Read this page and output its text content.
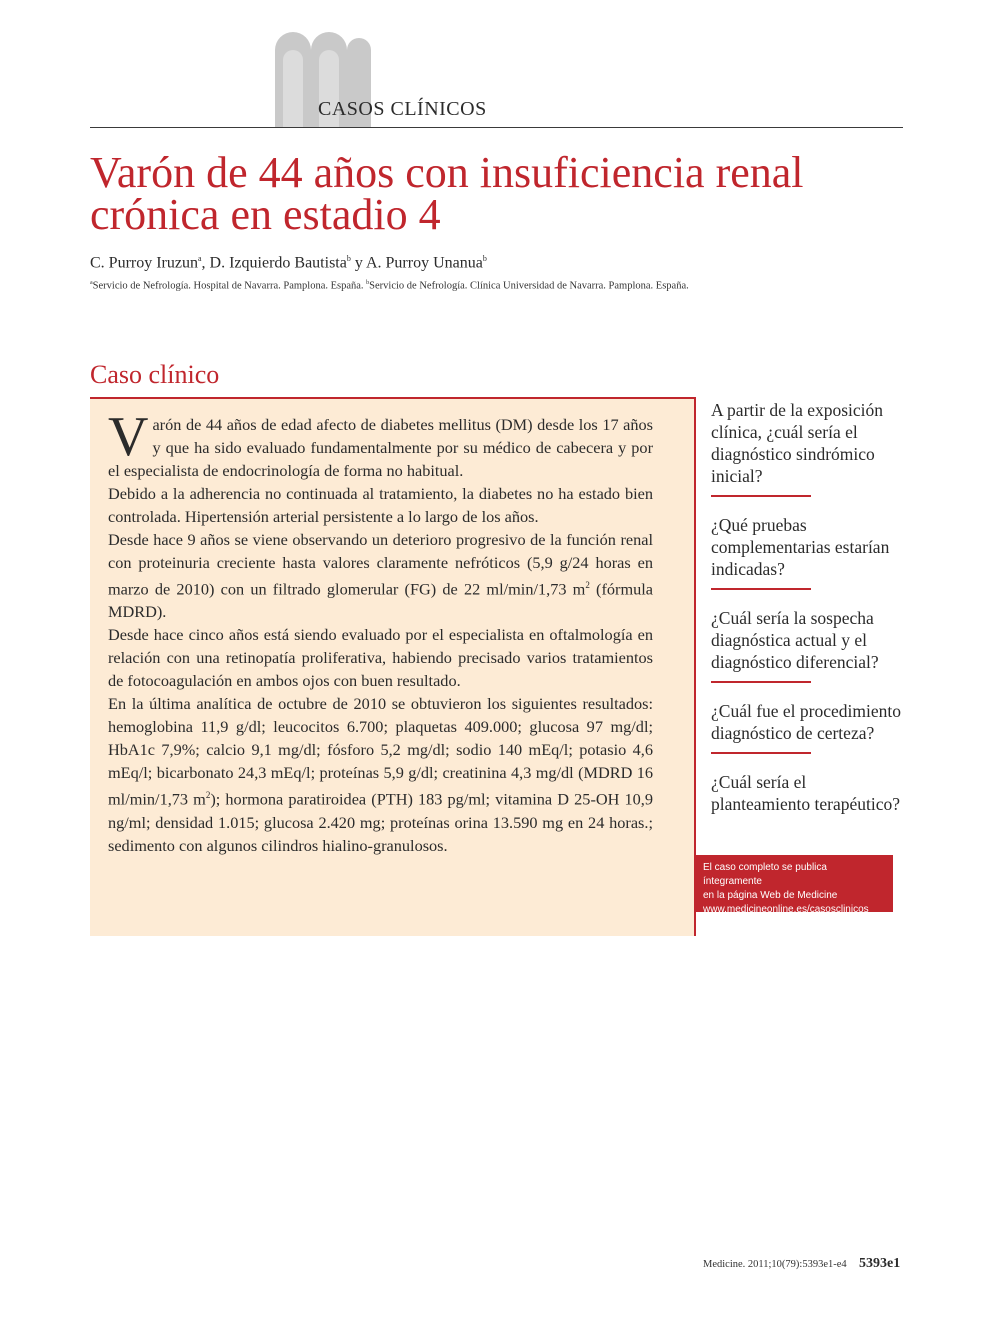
CASOS CLÍNICOS
Varón de 44 años con insuficiencia renal crónica en estadio 4
C. Purroy Iruzun$^a$, D. Izquierdo Bautista$^b$ y A. Purroy Unanua$^b$
$^a$Servicio de Nefrología. Hospital de Navarra. Pamplona. España. $^b$Servicio de Nefrología. Clínica Universidad de Navarra. Pamplona. España.
Caso clínico

Varón de 44 años de edad afecto de diabetes mellitus (DM) desde los 17 años y que ha sido evaluado fundamentalmente por su médico de cabecera y por el especialista de endocrinología de forma no habitual.

Debido a la adherencia no continuada al tratamiento, la diabetes no ha estado bien controlada. Hipertensión arterial persistente a lo largo de los años.

Desde hace 9 años se viene observando un deterioro progresivo de la función renal con proteinuria creciente hasta valores claramente nefróticos (5,9 g/24 horas en marzo de 2010) con un filtrado glomerular (FG) de 22 ml/min/1,73 $m^2$ (fórmula MDRD).

Desde hace cinco años está siendo evaluado por el especialista en oftalmología en relación con una retinopatía proliferativa, habiendo precisado varios tratamientos de fotocoagulación en ambos ojos con buen resultado.

En la última analítica de octubre de 2010 se obtuvieron los siguientes resultados: hemoglobina 11,9 g/dl; leucocitos 6.700; plaquetas 409.000; glucosa 97 mg/dl; HbA1c 7,9%; calcio 9,1 mg/dl; fósforo 5,2 mg/dl; sodio 140 mEq/l; potasio 4,6 mEq/l; bicarbonato 24,3 mEq/l; proteínas 5,9 g/dl; creatinina 4,3 mg/dl (MDRD 16 ml/min/1,73 $m^2$); hormona paratiroidea (PTH) 183 pg/ml; vitamina D 25-OH 10,9 ng/ml; densidad 1.015; glucosa 2.420 mg; proteínas orina 13.590 mg en 24 horas.; sedimento con algunos cilindros hialino-granulosos.

A partir de la exposición clínica, ¿cuál sería el diagnóstico sindrómico inicial?
¿Qué pruebas complementarias estarían indicadas?
¿Cuál sería la sospecha diagnóstica actual y el diagnóstico diferencial?
¿Cuál fue el procedimiento diagnóstico de certeza?
¿Cuál sería el planteamiento terapéutico?
El caso completo se publica íntegramente
en la página Web de Medicine
www.medicineonline.es/casosclinicos
Medicine. 2011;10(79):5393e1-e4 5393e1
